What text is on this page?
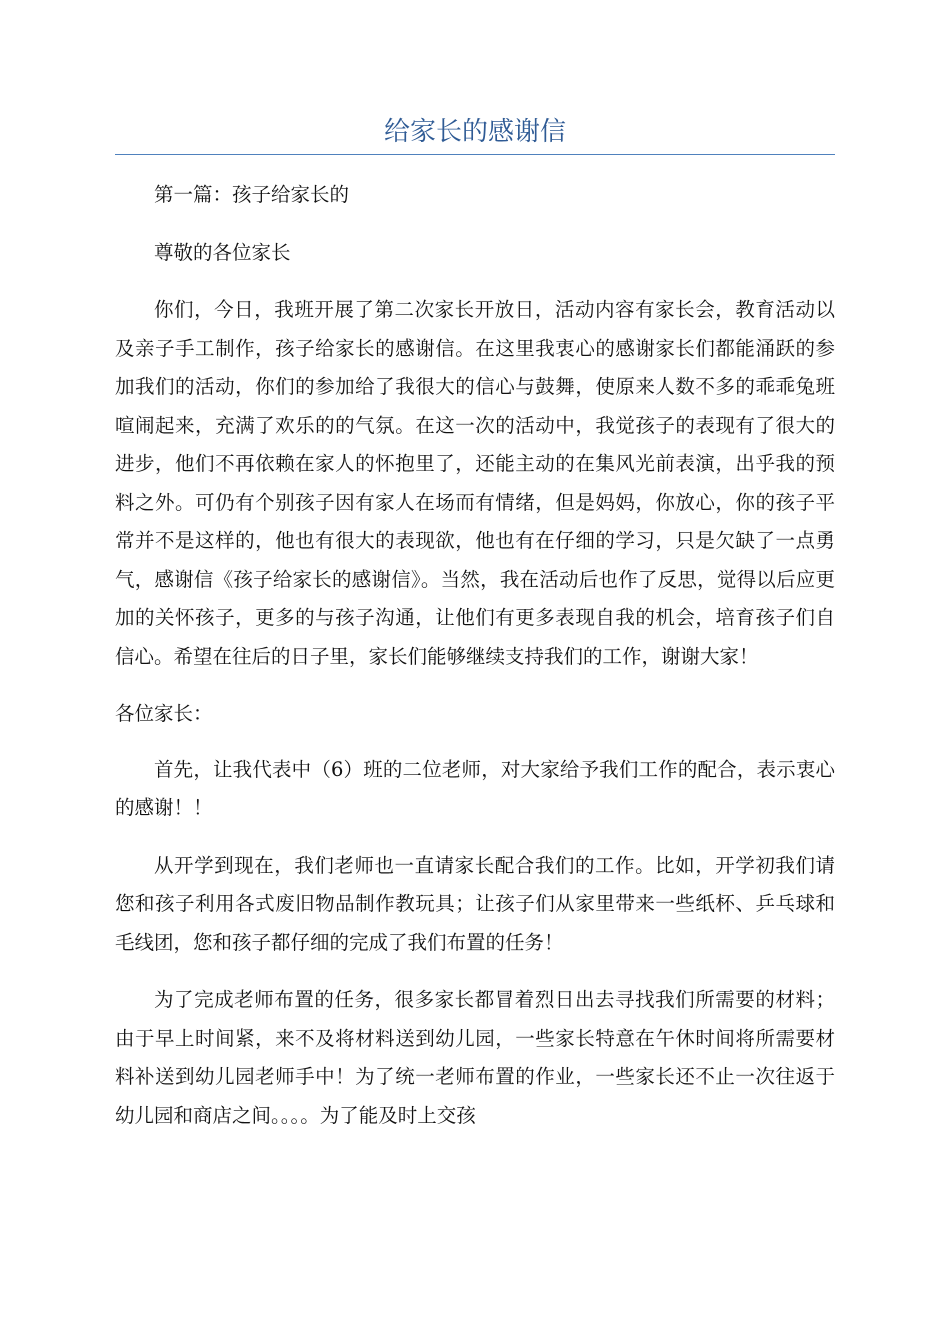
给家长的感谢信

第一篇：孩子给家长的

尊敬的各位家长

你们，今日，我班开展了第二次家长开放日，活动内容有家长会，教育活动以及亲子手工制作，孩子给家长的感谢信。在这里我衷心的感谢家长们都能涌跃的参加我们的活动，你们的参加给了我很大的信心与鼓舞，使原来人数不多的乖乖兔班喧闹起来，充满了欢乐的的气氛。在这一次的活动中，我觉孩子的表现有了很大的进步，他们不再依赖在家人的怀抱里了，还能主动的在集风光前表演，出乎我的预料之外。可仍有个别孩子因有家人在场而有情绪，但是妈妈，你放心，你的孩子平常并不是这样的，他也有很大的表现欲，他也有在仔细的学习，只是欠缺了一点勇气，感谢信《孩子给家长的感谢信》。当然，我在活动后也作了反思，觉得以后应更加的关怀孩子，更多的与孩子沟通，让他们有更多表现自我的机会，培育孩子们自信心。希望在往后的日子里，家长们能够继续支持我们的工作，谢谢大家！

各位家长：

首先，让我代表中（6）班的二位老师，对大家给予我们工作的配合，表示衷心的感谢！！

从开学到现在，我们老师也一直请家长配合我们的工作。比如，开学初我们请您和孩子利用各式废旧物品制作教玩具；让孩子们从家里带来一些纸杯、乒乓球和毛线团，您和孩子都仔细的完成了我们布置的任务！

为了完成老师布置的任务，很多家长都冒着烈日出去寻找我们所需要的材料；由于早上时间紧，来不及将材料送到幼儿园，一些家长特意在午休时间将所需要材料补送到幼儿园老师手中！为了统一老师布置的作业，一些家长还不止一次往返于幼儿园和商店之间。。。。为了能及时上交孩
